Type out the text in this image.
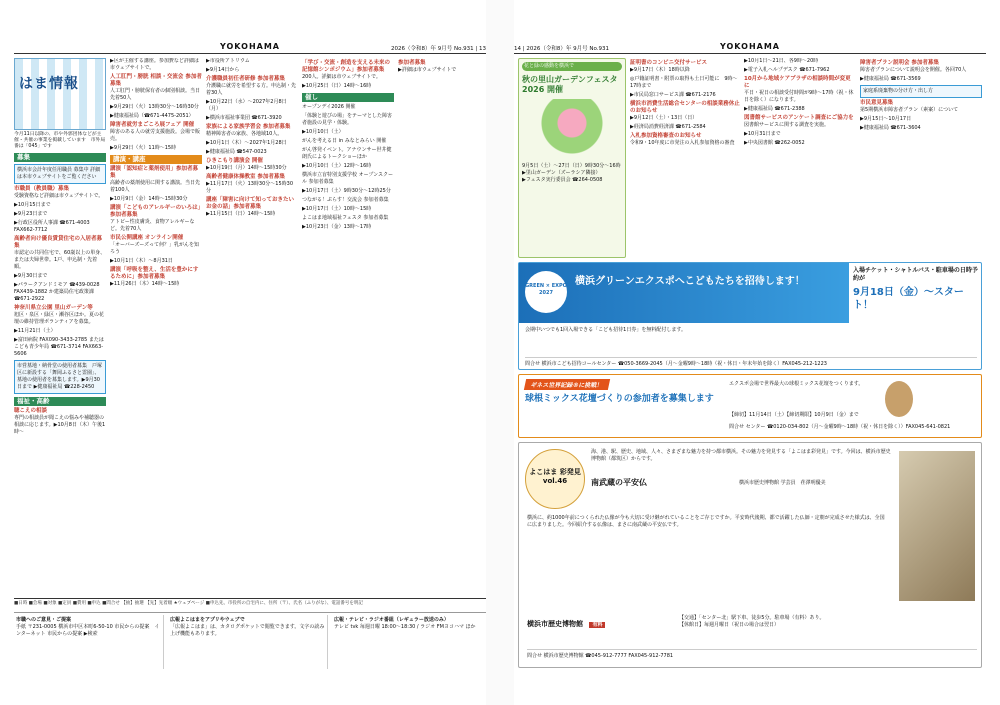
YOKOHAMA	2026（令和8）年 9月号 No.931 | 13
はま情報
今月11日以降の、市や外郭団体などが主催・共催の事業を掲載しています　市外局番は「045」です
募集
横浜市会計年度任用職員 募集中 詳細は本市ウェブサイトをご覧ください
市職員（教員職）募集
受験資格など詳細は市ウェブサイトで。
▶10月15日まで
▶9月23日まで
▶行政区役所人事課 ☎671-4003 FAX662-7712
高齢者向け優良賃貸住宅の入居者募集
市認定の共同住宅で、60歳以上の単身、または夫婦世帯。1戸、申込制・先着順。
▶9月30日まで
▶パラークアンドミモア ☎439-0028 FAX439-1882 か建築局住宅政策課 ☎671-2922
神奈川県立公園 里山ガーデン等
旭区・泉区・緑区・瀬谷区ほか。夏の花壇の維持管理ボランティアを募集。
▶11月21日（土）
▶富田病院 FAX090-3433-2785 またはこども青少年局 ☎671-3714 FAX663-5606
市営墓地・納骨堂の使用者募集　戸塚区に新設する「舞岡ふるさと霊園」、墓地の使用者を募集します。▶9月30日まで ▶健康福祉局 ☎228-2450
福祉・高齢
聴こえの相談
専門の相談員が聞こえの悩みや補聴器の相談に応じます。▶10月8日（木）午後1時〜
▶区が主催する講座。参加費など詳細は市ウェブサイトで。
人工肛門・膀胱 相談・交流会 参加者募集
人工肛門・膀胱保有者の個別相談。当日先着50人
▶9月29日（火）13時30分〜16時30分
▶健康福祉局（☎671-4475-2051）
障害者就労まごころ展フェア 開催
障害のある人の就労支援施設。会場で販売。
▶9月29日（火）11時〜15時
講演・講座
講演「認知症と薬剤使用」参加者募集
高齢者の薬剤使用に関する講演。当日先着100人
▶10月9日（金）14時〜15時30分
講演「こどものアレルギーのいろは」参加者募集
アトピー性皮膚炎、食物アレルギーなど。先着70人
市民公開講座 オンライン開催
「オーバーズーズって何？」乳がんを知ろう
▶10月1日（木）〜8月31日
講演「呼吸を整え、生活を豊かにするために」参加者募集
▶11月26日（木）14時〜15時
▶市役所アトリウム
▶9月14日から
介護職員初任者研修 参加者募集
介護職に就労を希望する方。申込制・先着30人
▶10月22日（水）〜2027年2月8日（月）
▶横浜市福祉事業団 ☎671-3920
家族による家族学習会 参加者募集
精神障害者の家族、各地域10人。
▶10月1日（木）〜2027年1月28日
▶健康福祉局 ☎547-0023
ひきこもり講演会 開催
▶10月19日（月）14時〜15時30分
高齢者健康体操教室 参加者募集
▶11月17日（火）13時30分〜15時30分
講座「障害に向けて知っておきたいお金の話」参加者募集
▶11月15日（日）14時〜15時
「学び・交流・創造を支える未来の記憶館シンポジウム」参加者募集
200人。詳細は市ウェブサイトで。
▶10月25日（日）14時〜16時
催し
オープンデイ2026 開催
「体験と遊びの場」をテーマとした障害者施設の見学・体験。
▶10月10日（土）
がんを考える日 in みなとみらい 開催
がん啓発イベント。アナウンサー世井健朗氏によるトークショーほか
▶10月10日（土）12時〜16時
横浜市立盲特別支援学校 オープンスクール 参加者募集
▶10月17日（土）9時30分〜12時25分
つながる！ぷらす！交流会 参加者募集
▶10月17日（土）10時〜15時
よこはま地域福祉フェスタ 参加者募集
▶10月23日（金）13時〜17時
参加者募集
▶詳細は市ウェブサイトで
■日時 ■会場 ■対象 ■定員 ■費用 ■申込 ■問合せ 【抽】抽選 【先】先着順 ★ウェブページ ■申込先、市役所の自宅内に、住所（〒）、氏名（ふりがな）、電話番号を明記
市職へのご意見・ご提案
手紙 〒231-0005 横浜市中区本町6-50-10 市民からの提案　インターネット 市民からの提案 ▶検索
広報よこはまをアプリやウェブで
「広報よこはま」は、カタログポケットで閲覧できます。文字の読み上げ機能もあります。
広報・テレビ・ラジオ番組（レギュラー放送のみ）
テレビ tvk 毎週日曜 18:00〜18:30 / ラジオ FMヨコハマ ほか
14 | 2026（令和8）年 9月号 No.931	YOKOHAMA
花と緑の感動を横浜で
秋の里山ガーデンフェスタ 2026 開催
9月5日（土）〜27日（日）9時30分〜16時
▶里山ガーデン（ズーラシア隣接）
▶フェスタ実行委員会 ☎264-0508
証明書のコンビニ交付サービス
▶9月17日（木）18時以降
◎戸籍証明書・附票の取得も土日可能に　9時〜17時まで
▶市民局窓口サービス課 ☎671-2176
横浜市消費生活総合センターの相談業務休止のお知らせ
▶9月12日（土）・13日（日）
▶経済局消費経済課 ☎671-2584
入札参加資格審査のお知らせ
令和9・10年度に市発注の入札参加資格の審査
▶10月1日〜21日、各9時〜20時
▶電子入札ヘルプデスク ☎671-7962
10月から地域ケアプラザの相談時間が変更に
平日・祝日の相談受付時間が9時〜17時（祝・休日を除く）になります。
▶健康福祉局 ☎671-2388
図書館サービスのアンケート調査にご協力を
図書館サービスに関する調査を実施。
▶10月31日まで
▶中央図書館 ☎262-0052
障害者プラン説明会 参加者募集
障害者プランについて説明会を開催。各回70人
▶健康福祉局 ☎671-3569
家庭系廃棄物の分け方・出し方
市民意見募集
第5期横浜市障害者プラン（素案）について
▶9月15日〜10月17日
▶健康福祉局 ☎671-3604
GREEN × EXPO 2027
横浜グリーンエクスポへこどもたちを招待します！
入場チケット・シャトルバス・駐車場の日時予約が
9月18日（金）〜スタート！
会期中いつでも1回入場できる「こども招待1日券」を無料配付します。
問合せ 横浜市こども招待コールセンター ☎050-3669-2045（月〜金曜9時〜18時（祝・休日・年末年始を除く）FAX045-212-1223
ギネス世界記録®に挑戦！
球根ミックス花壇づくりの参加者を募集します
エクスポ会場で世界最大の球根ミックス花壇をつくります。
【締切】11月14日（土）【締切期限】10月9日（金）まで
問合せ センター ☎0120-034-802（月〜金曜9時〜18時（祝・休日を除く））FAX045-641-0821
よこはま 彩発見 vol.46
海、港、駅、歴史、地域、人々、さまざまな魅力を持つ都市横浜。その魅力を発見する「よこはま彩発見」です。今回は、横浜市歴史博物館（都筑区）からです。
南武蔵の平安仏	横浜市歴史博物館 学芸員　荏澤明優美
横浜に、約1000年前につくられた仏像が今も大切に受け継がれていることをご存じですか。平安時代後期、都で活躍した仏師・定朝が完成させた様式は、全国に広まりました。今回紹介する仏像は、まさに南武蔵の平安仏です。
横浜市歴史博物館 有料
【交通】「センター北」駅下車、徒歩5分。駐車場（有料）あり。
【休館日】毎週月曜日（祝日の場合は翌日）
問合せ 横浜市歴史博物館 ☎045-912-7777 FAX045-912-7781
